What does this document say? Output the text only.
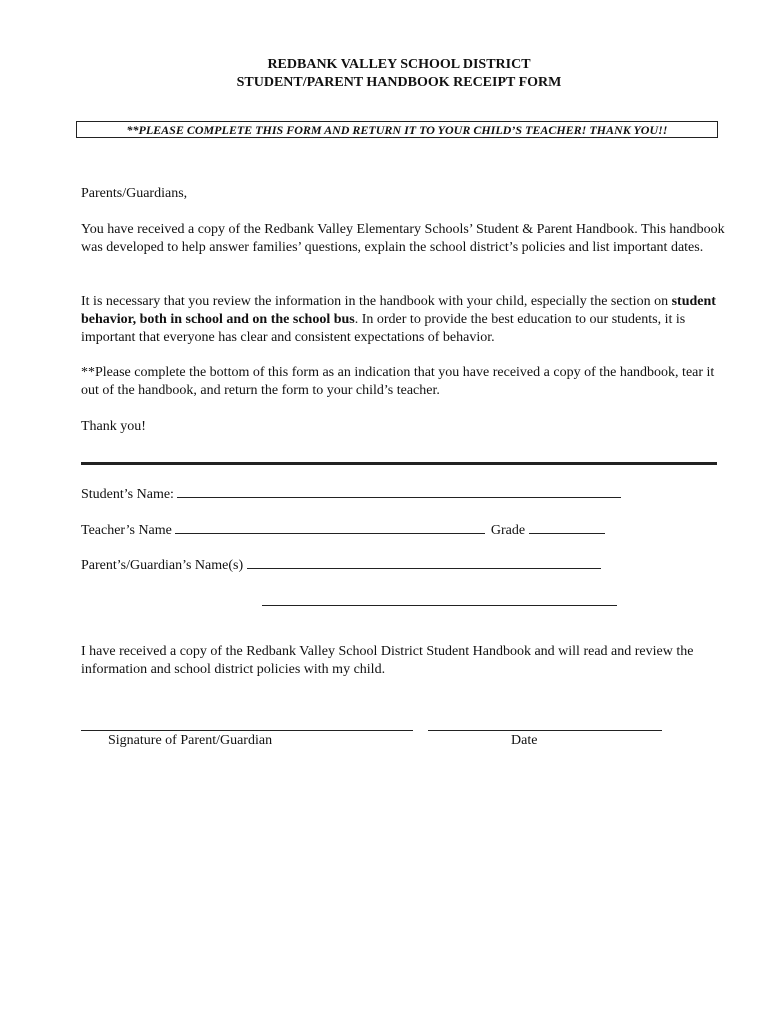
REDBANK VALLEY SCHOOL DISTRICT
STUDENT/PARENT HANDBOOK RECEIPT FORM
**PLEASE COMPLETE THIS FORM AND RETURN IT TO YOUR CHILD’S TEACHER! THANK YOU!!
Parents/Guardians,
You have received a copy of the Redbank Valley Elementary Schools’ Student & Parent Handbook. This handbook was developed to help answer families’ questions, explain the school district’s policies and list important dates.
It is necessary that you review the information in the handbook with your child, especially the section on student behavior, both in school and on the school bus. In order to provide the best education to our students, it is important that everyone has clear and consistent expectations of behavior.
**Please complete the bottom of this form as an indication that you have received a copy of the handbook, tear it out of the handbook, and return the form to your child’s teacher.
Thank you!
Student’s Name:
Teacher’s Name	Grade
Parent’s/Guardian’s Name(s)
I have received a copy of the Redbank Valley School District Student Handbook and will read and review the information and school district policies with my child.
Signature of Parent/Guardian	Date
